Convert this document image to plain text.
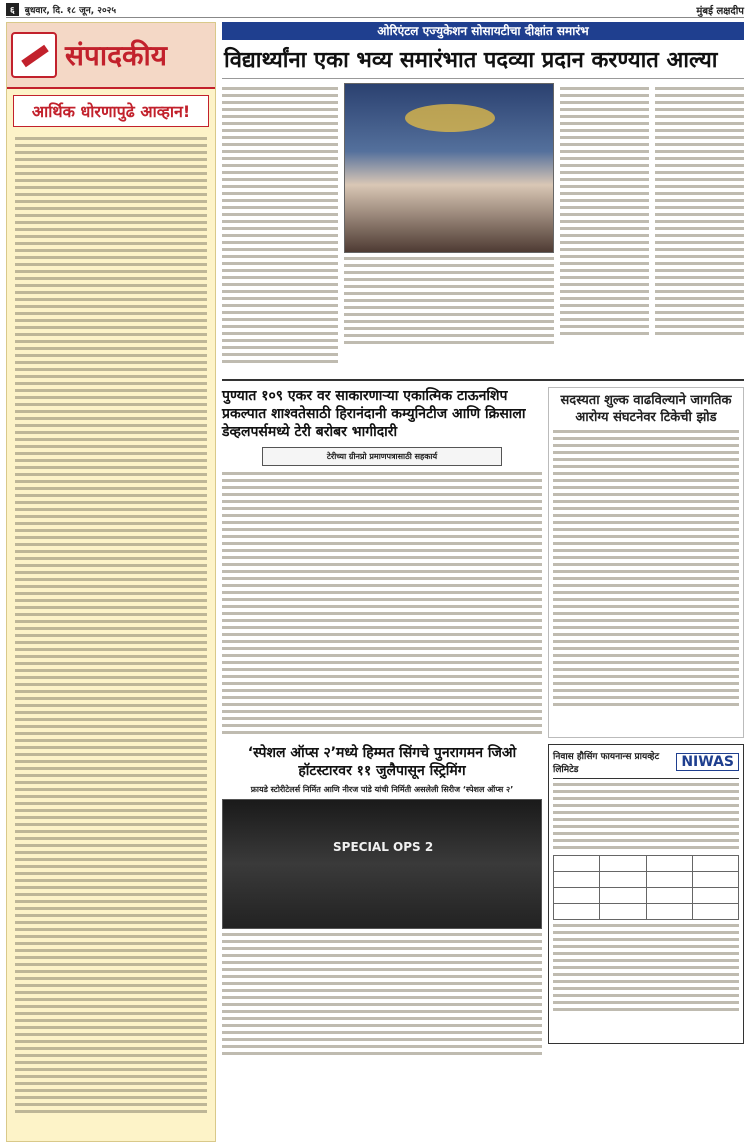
६	बुधवार, दि. १८ जून, २०२५	मुंबई लक्षदीप
संपादकीय
आर्थिक धोरणापुढे आव्हान!
ओरिएंटल एज्युकेशन सोसायटीचा दीक्षांत समारंभ
विद्यार्थ्यांना एका भव्य समारंभात पदव्या प्रदान करण्यात आल्या
पुण्यात १०९ एकर वर साकारणाऱ्या एकात्मिक टाऊनशिप प्रकल्पात शाश्वतेसाठी हिरानंदानी कम्युनिटीज आणि क्रिसाला डेव्हलपर्समध्ये टेरी बरोबर भागीदारी
टेरीच्या ग्रीनप्रो प्रमाणपत्रासाठी सहकार्य
सदस्यता शुल्क वाढविल्याने जागतिक आरोग्य संघटनेवर टिकेची झोड
‘स्पेशल ऑप्स २’मध्ये हिम्मत सिंगचे पुनरागमन जिओ हॉटस्टारवर ११ जुलैपासून स्ट्रिमिंग
फ्रायडे स्टोरीटेलर्स निर्मित आणि नीरज पांडे यांची निर्मिती असलेली सिरीज ‘स्पेशल ऑप्स २’
SPECIAL OPS 2
निवास हौसिंग फायनान्स प्रायव्हेट लिमिटेड	NIWAS
